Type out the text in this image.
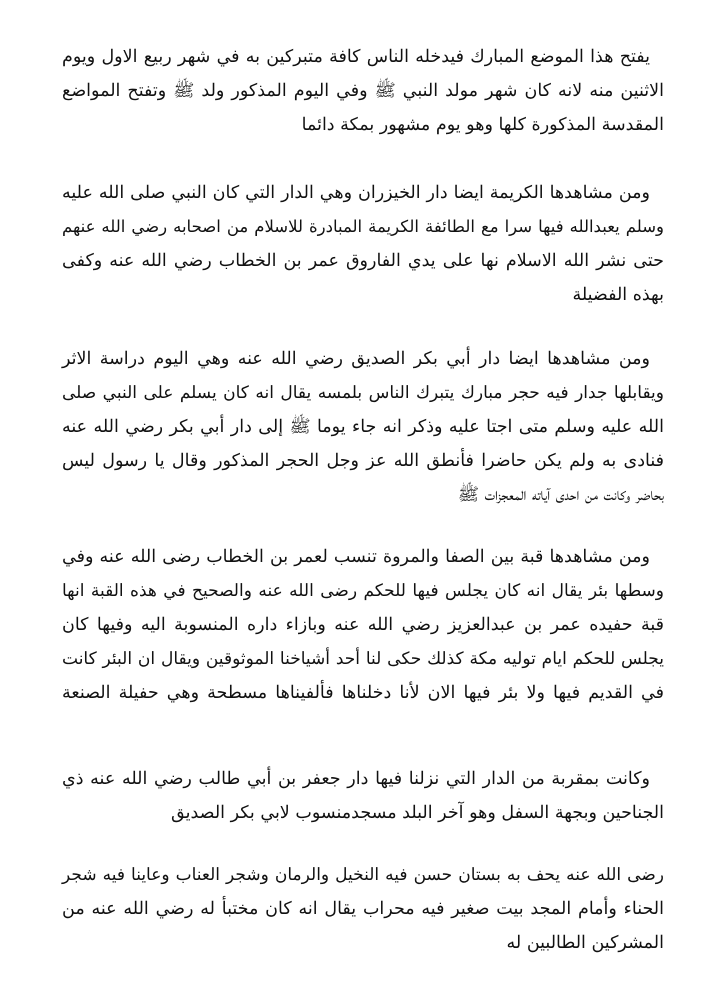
يفتح هذا الموضع المبارك فيدخله الناس كافة متبركين به في شهر ربيع الاول ويوم
الاثنين منه لانه كان شهر مولد النبي ﷺ وفي اليوم المذكور ولد ﷺ وتفتح المواضع
المقدسة المذكورة كلها وهو يوم مشهور بمكة دائما
ومن مشاهدها الكريمة ايضا دار الخيزران وهي الدار التي كان النبي صلى الله عليه
وسلم يعبدالله فيها سرا مع الطائفة الكريمة المبادرة للاسلام من اصحابه رضي الله عنهم
حتى نشر الله الاسلام نها على يدي الفاروق عمر بن الخطاب رضي الله عنه وكفى
بهذه الفضيلة
ومن مشاهدها ايضا دار أبي بكر الصديق رضي الله عنه وهي اليوم دراسة الاثر
ويقابلها جدار فيه حجر مبارك يتبرك الناس بلمسه يقال انه كان يسلم على النبي صلى
الله عليه وسلم متى اجتا عليه وذكر انه جاء يوما ﷺ إلى دار أبي بكر رضي الله عنه
فنادى به ولم يكن حاضرا فأنطق الله عز وجل الحجر المذكور وقال يا رسول ليس
بحاضر وكانت من احدى آياته المعجزات ﷺ
ومن مشاهدها قبة بين الصفا والمروة تنسب لعمر بن الخطاب رضى الله عنه وفي
وسطها بئر يقال انه كان يجلس فيها للحكم رضى الله عنه والصحيح في هذه القبة انها
قبة حفيده عمر بن عبدالعزيز رضي الله عنه وبازاء داره المنسوبة اليه وفيها كان
يجلس للحكم ايام توليه مكة كذلك حكى لنا أحد أشياخنا الموثوقين ويقال ان البئر كانت
في القديم فيها ولا بئر فيها الان لأنا دخلناها فألفيناها مسطحة وهي حفيلة الصنعة
وكانت بمقربة من الدار التي نزلنا فيها دار جعفر بن أبي طالب رضي الله عنه ذي
الجناحين وبجهة السفل وهو آخر البلد مسجدمنسوب لابي بكر الصديق
رضى الله عنه يحف به بستان حسن فيه النخيل والرمان وشجر العناب وعاينا فيه شجر
الحناء وأمام المجد بيت صغير فيه محراب يقال انه كان مختبأ له رضي الله عنه من
المشركين الطالبين له
